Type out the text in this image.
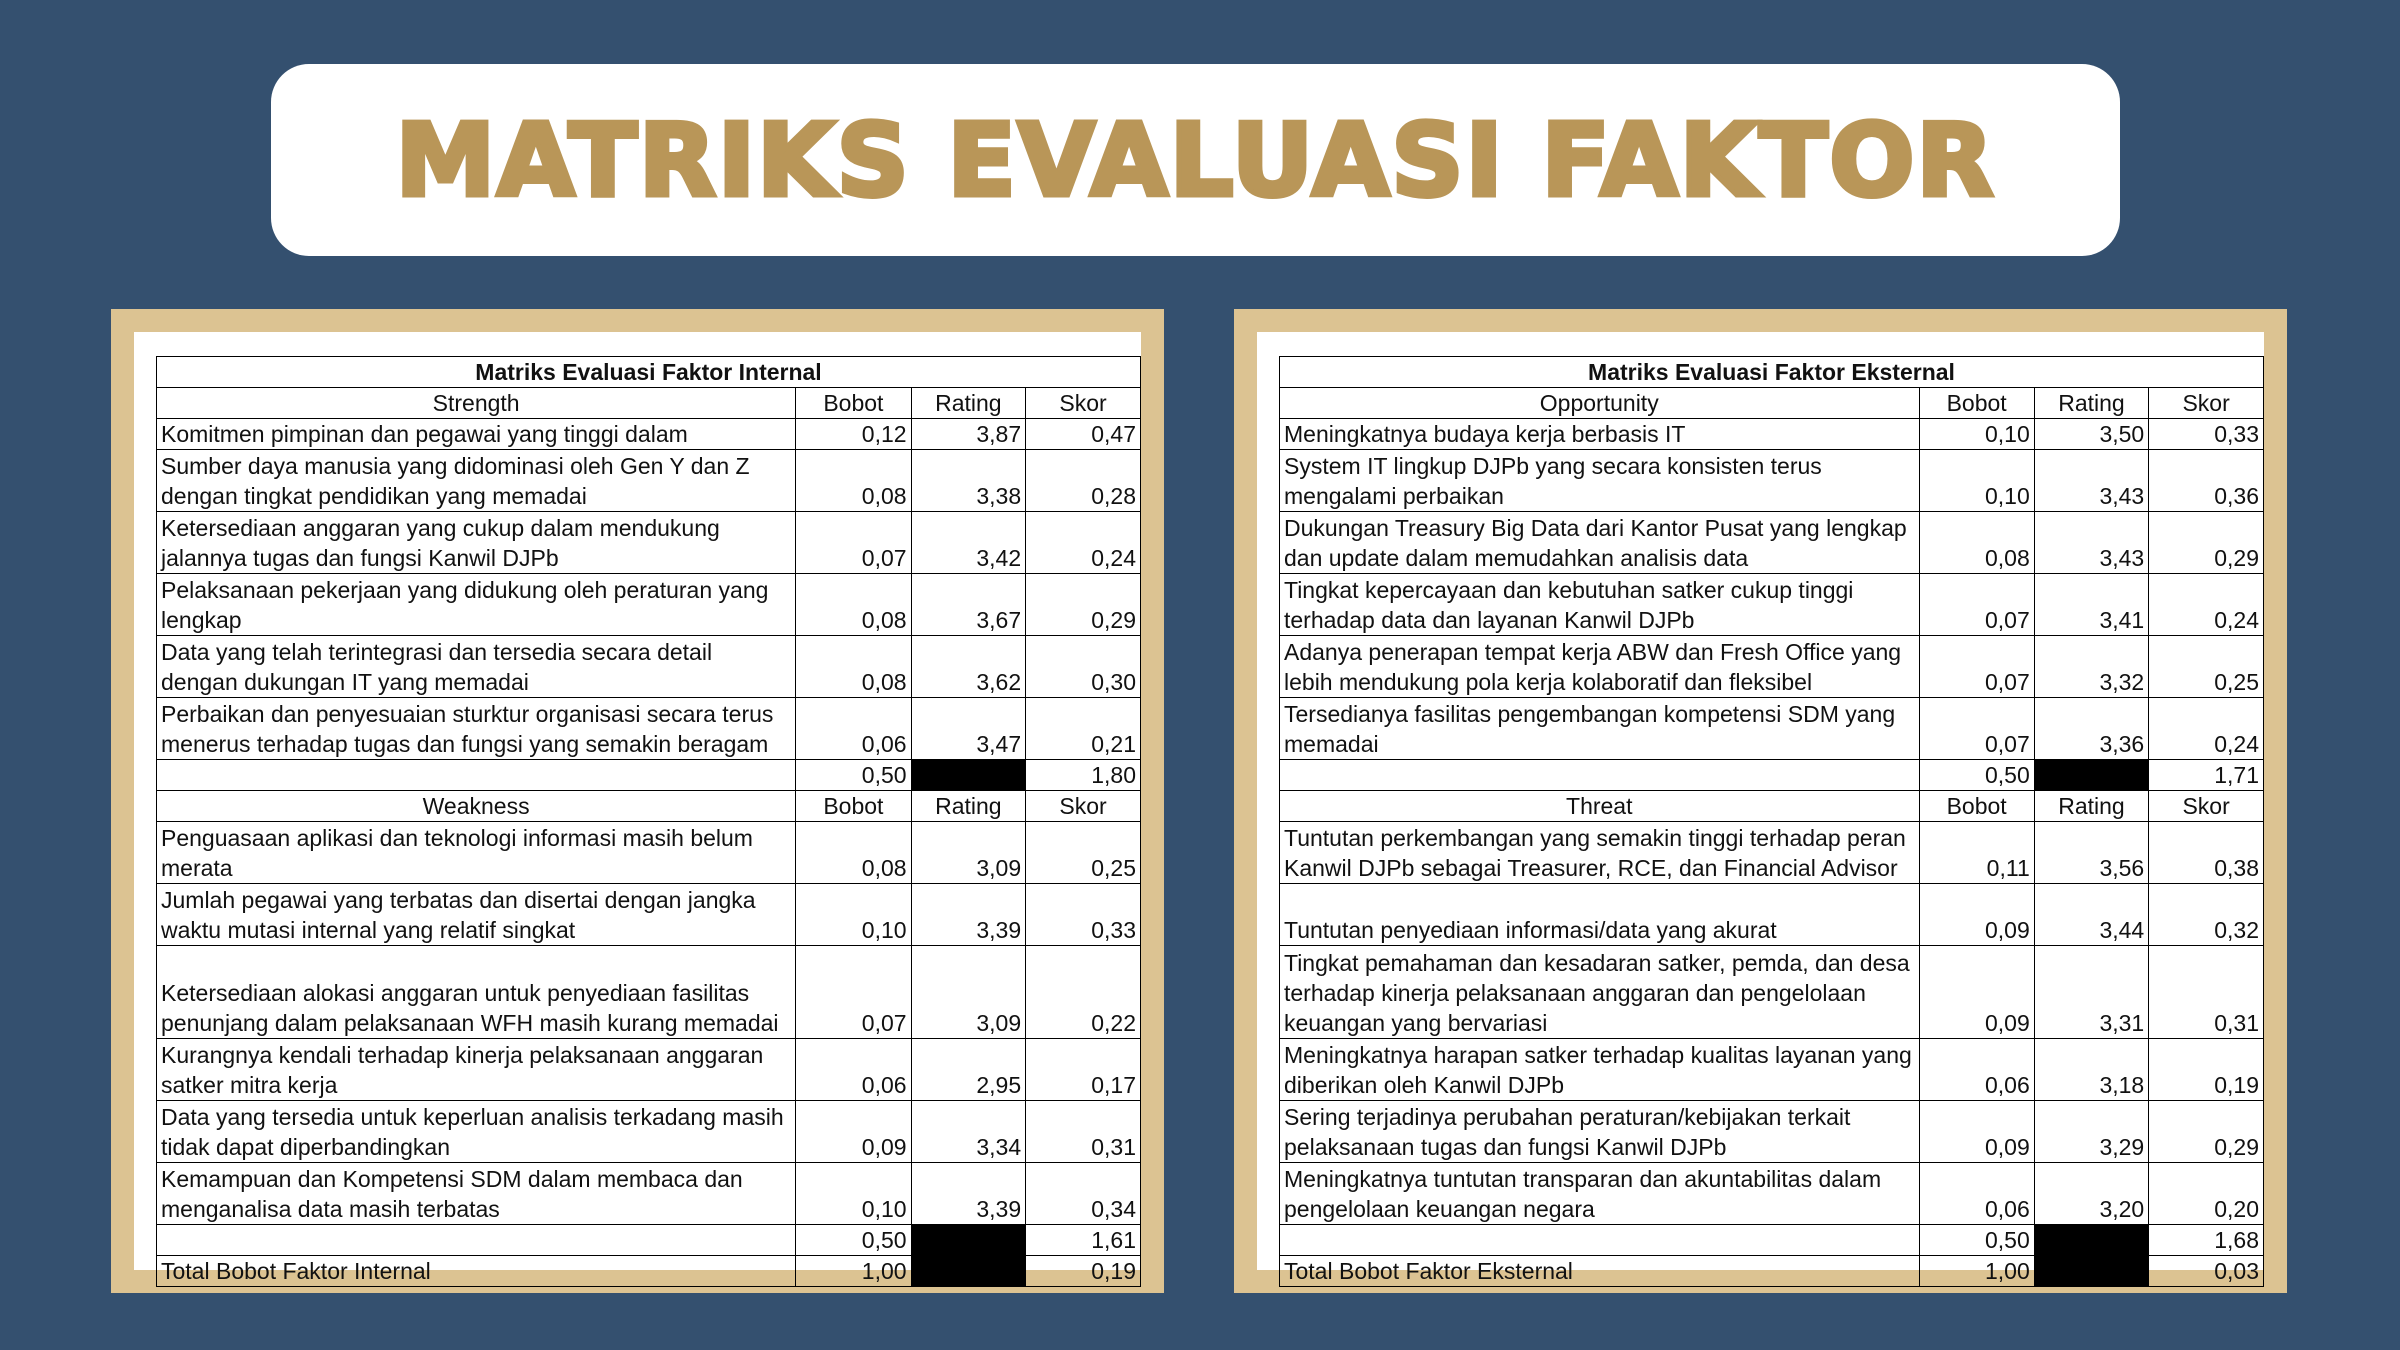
MATRIKS EVALUASI FAKTOR
Matriks Evaluasi Faktor Internal			
Strength	Bobot	Rating	Skor
Komitmen pimpinan dan pegawai yang tinggi dalam	0,12	3,87	0,47
Sumber daya manusia yang didominasi oleh Gen Y dan Z dengan tingkat pendidikan yang memadai	0,08	3,38	0,28
Ketersediaan anggaran yang cukup dalam mendukung jalannya tugas dan fungsi Kanwil DJPb	0,07	3,42	0,24
Pelaksanaan pekerjaan yang didukung oleh peraturan yang lengkap	0,08	3,67	0,29
Data yang telah terintegrasi dan tersedia secara detail dengan dukungan IT yang memadai	0,08	3,62	0,30
Perbaikan dan penyesuaian sturktur organisasi secara terus menerus terhadap tugas dan fungsi yang semakin beragam	0,06	3,47	0,21
	0,50		1,80
Weakness	Bobot	Rating	Skor
Penguasaan aplikasi dan teknologi informasi masih belum merata	0,08	3,09	0,25
Jumlah pegawai yang terbatas dan disertai dengan jangka waktu mutasi internal yang relatif singkat	0,10	3,39	0,33
Ketersediaan alokasi anggaran untuk penyediaan fasilitas penunjang dalam pelaksanaan WFH masih kurang memadai	0,07	3,09	0,22
Kurangnya kendali terhadap kinerja pelaksanaan anggaran satker mitra kerja	0,06	2,95	0,17
Data yang tersedia untuk keperluan analisis terkadang masih tidak dapat diperbandingkan	0,09	3,34	0,31
Kemampuan dan Kompetensi SDM dalam membaca dan menganalisa data masih terbatas	0,10	3,39	0,34
	0,50		1,61
Total Bobot Faktor Internal	1,00		0,19
Matriks Evaluasi Faktor Eksternal			
Opportunity	Bobot	Rating	Skor
Meningkatnya budaya kerja berbasis IT	0,10	3,50	0,33
System IT lingkup DJPb yang secara konsisten terus mengalami perbaikan	0,10	3,43	0,36
Dukungan Treasury Big Data dari Kantor Pusat yang lengkap dan update dalam memudahkan analisis data	0,08	3,43	0,29
Tingkat kepercayaan dan kebutuhan satker cukup tinggi terhadap data dan layanan Kanwil DJPb	0,07	3,41	0,24
Adanya penerapan tempat kerja ABW dan Fresh Office yang lebih mendukung pola kerja kolaboratif dan fleksibel	0,07	3,32	0,25
Tersedianya fasilitas pengembangan kompetensi SDM yang memadai	0,07	3,36	0,24
	0,50		1,71
Threat	Bobot	Rating	Skor
Tuntutan perkembangan yang semakin tinggi terhadap peran Kanwil DJPb sebagai Treasurer, RCE, dan Financial Advisor	0,11	3,56	0,38
Tuntutan penyediaan informasi/data yang akurat	0,09	3,44	0,32
Tingkat pemahaman dan kesadaran satker, pemda, dan desa terhadap kinerja pelaksanaan anggaran dan pengelolaan keuangan yang bervariasi	0,09	3,31	0,31
Meningkatnya harapan satker terhadap kualitas layanan yang diberikan oleh Kanwil DJPb	0,06	3,18	0,19
Sering terjadinya perubahan peraturan/kebijakan terkait pelaksanaan tugas dan fungsi Kanwil DJPb	0,09	3,29	0,29
Meningkatnya tuntutan transparan dan akuntabilitas dalam pengelolaan keuangan negara	0,06	3,20	0,20
	0,50		1,68
Total Bobot Faktor Eksternal	1,00		0,03
